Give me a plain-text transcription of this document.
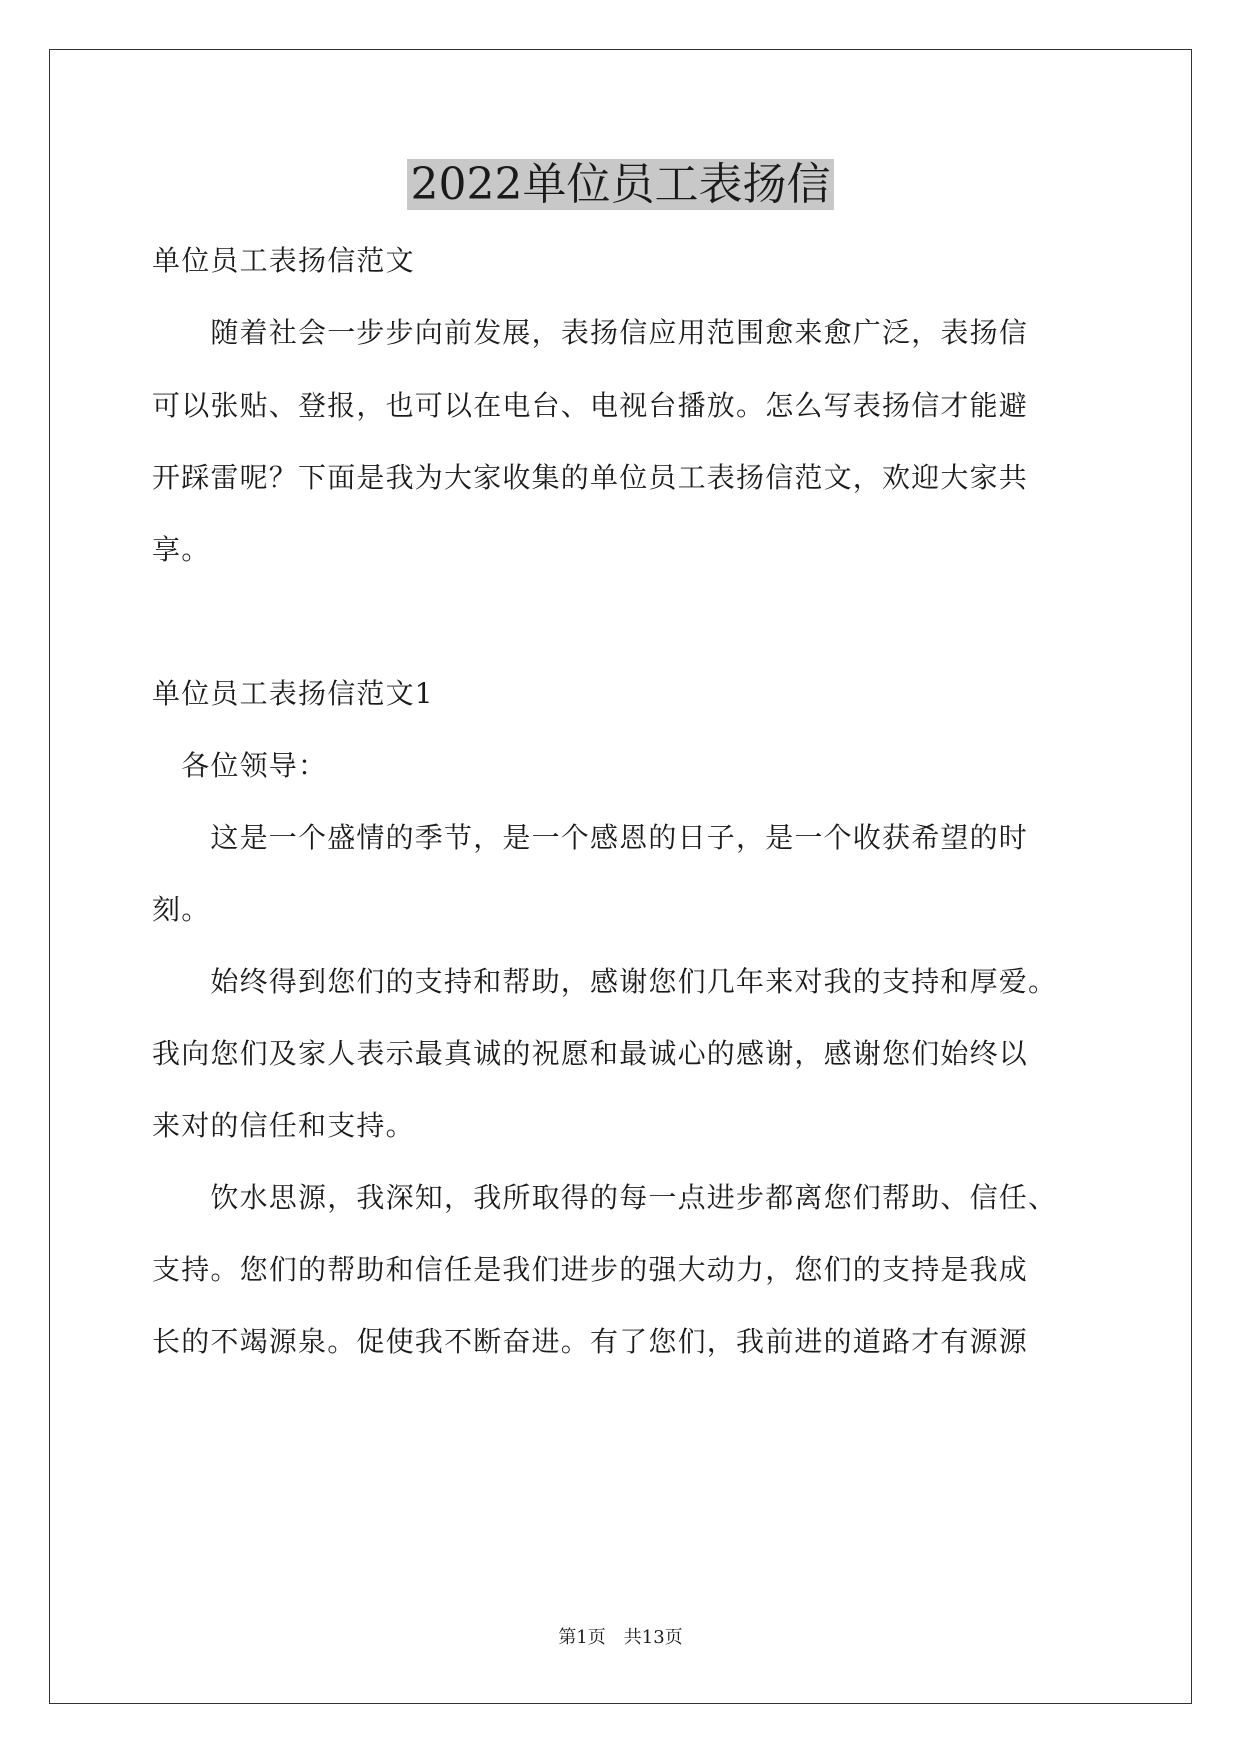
2022单位员工表扬信
单位员工表扬信范文
　　随着社会一步步向前发展，表扬信应用范围愈来愈广泛，表扬信
可以张贴、登报，也可以在电台、电视台播放。怎么写表扬信才能避
开踩雷呢？下面是我为大家收集的单位员工表扬信范文，欢迎大家共
享。
单位员工表扬信范文1
　各位领导：
　　这是一个盛情的季节，是一个感恩的日子，是一个收获希望的时
刻。
　　始终得到您们的支持和帮助，感谢您们几年来对我的支持和厚爱。
我向您们及家人表示最真诚的祝愿和最诚心的感谢，感谢您们始终以
来对的信任和支持。
　　饮水思源，我深知，我所取得的每一点进步都离您们帮助、信任、
支持。您们的帮助和信任是我们进步的强大动力，您们的支持是我成
长的不竭源泉。促使我不断奋进。有了您们，我前进的道路才有源源
第1页　共13页
